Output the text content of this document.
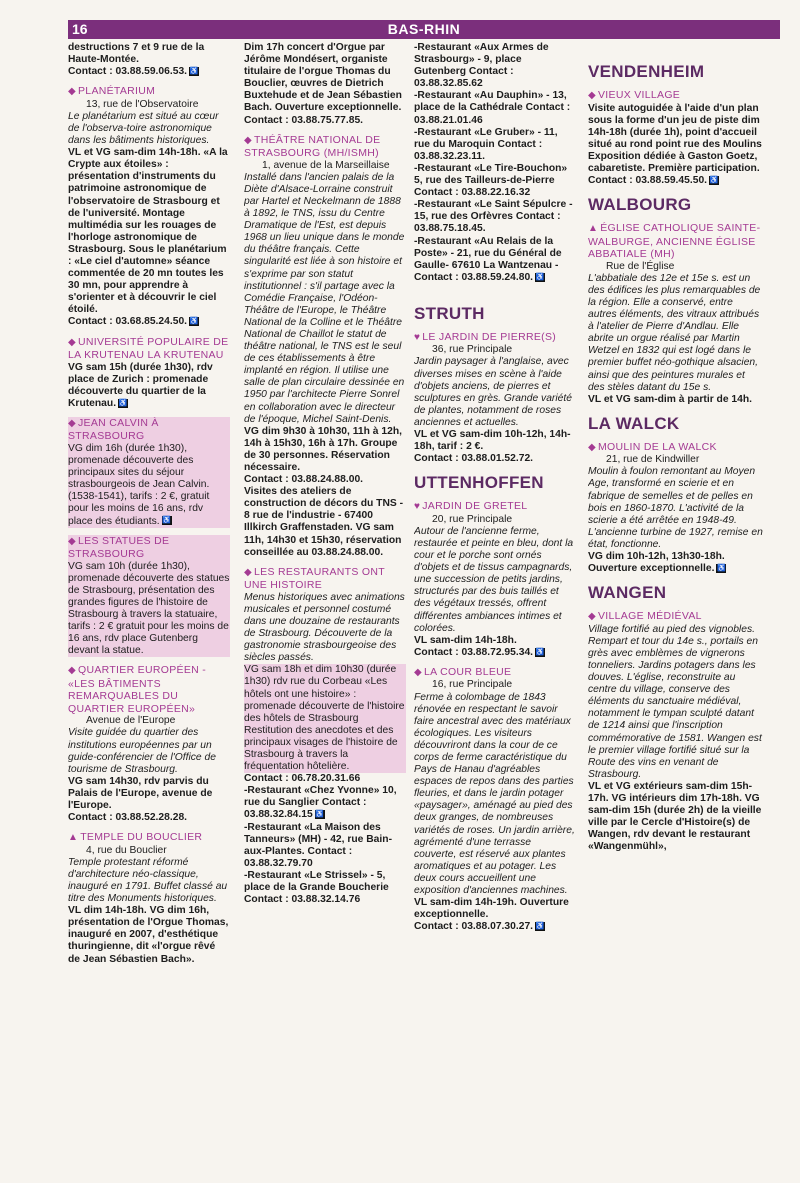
16	BAS-RHIN
destructions 7 et 9 rue de la Haute-Montée.
Contact : 03.88.59.06.53. ♿
◆ PLANÉTARIUM
13, rue de l'Observatoire
Le planétarium est situé au cœur de l'observa-toire astronomique dans les bâtiments historiques.
VL et VG sam-dim 14h-18h. «A la Crypte aux étoiles» : présentation d'instruments du patrimoine astronomique de l'observatoire de Strasbourg et de l'université. Montage multimédia sur les rouages de l'horloge astronomique de Strasbourg. Sous le planétarium : «Le ciel d'automne» séance commentée de 20 mn toutes les 30 mn, pour apprendre à s'orienter et à découvrir le ciel étoilé.
Contact : 03.68.85.24.50. ♿
◆ UNIVERSITÉ POPULAIRE DE LA KRUTENAU LA KRUTENAU
VG sam 15h (durée 1h30), rdv place de Zurich : promenade découverte du quartier de la Krutenau. ♿
◆ JEAN CALVIN À STRASBOURG
VG dim 16h (durée 1h30), promenade découverte des principaux sites du séjour strasbourgeois de Jean Calvin. (1538-1541), tarifs : 2 €, gratuit pour les moins de 16 ans, rdv place des étudiants. ♿
◆ LES STATUES DE STRASBOURG
VG sam 10h (durée 1h30), promenade découverte des statues de Strasbourg, présentation des grandes figures de l'histoire de Strasbourg à travers la statuaire, tarifs : 2 € gratuit pour les moins de 16 ans, rdv place Gutenberg devant la statue.
◆ QUARTIER EUROPÉEN - «LES BÂTIMENTS REMARQUABLES DU QUARTIER EUROPÉEN»
Avenue de l'Europe
Visite guidée du quartier des institutions européennes par un guide-conférencier de l'Office de tourisme de Strasbourg.
VG sam 14h30, rdv parvis du Palais de l'Europe, avenue de l'Europe.
Contact : 03.88.52.28.28.
▲ TEMPLE DU BOUCLIER
4, rue du Bouclier
Temple protestant réformé d'architecture néo-classique, inauguré en 1791. Buffet classé au titre des Monuments historiques.
VL dim 14h-18h. VG dim 16h, présentation de l'Orgue Thomas, inauguré en 2007, d'esthétique thuringienne, dit «l'orgue rêvé de Jean Sébastien Bach».
Dim 17h concert d'Orgue par Jérôme Mondésert, organiste titulaire de l'orgue Thomas du Bouclier, œuvres de Dietrich Buxtehude et de Jean Sébastien Bach. Ouverture exceptionnelle.
Contact : 03.88.75.77.85.
◆ THÉÂTRE NATIONAL DE STRASBOURG (MH/ISMH)
1, avenue de la Marseillaise
Installé dans l'ancien palais de la Diète d'Alsace-Lorraine construit par Hartel et Neckelmann de 1888 à 1892, le TNS, issu du Centre Dramatique de l'Est, est depuis 1968 un lieu unique dans le monde du théâtre français. Cette singularité est liée à son histoire et s'exprime par son statut institutionnel : s'il partage avec la Comédie Française, l'Odéon-Théâtre de l'Europe, le Théâtre National de la Colline et le Théâtre National de Chaillot le statut de théâtre national, le TNS est le seul de ces établissements à être implanté en région. Il utilise une salle de plan circulaire dessinée en 1950 par l'architecte Pierre Sonrel en collaboration avec le directeur de l'époque, Michel Saint-Denis.
VG dim 9h30 à 10h30, 11h à 12h, 14h à 15h30, 16h à 17h. Groupe de 30 personnes. Réservation nécessaire.
Contact : 03.88.24.88.00.
Visites des ateliers de construction de décors du TNS - 8 rue de l'industrie - 67400 Illkirch Graffenstaden. VG sam 11h, 14h30 et 15h30, réservation conseillée au 03.88.24.88.00.
◆ LES RESTAURANTS ONT UNE HISTOIRE
Menus historiques avec animations musicales et personnel costumé dans une douzaine de restaurants de Strasbourg. Découverte de la gastronomie strasbourgeoise des siècles passés.
VG sam 18h et dim 10h30 (durée 1h30) rdv rue du Corbeau «Les hôtels ont une histoire» : promenade découverte de l'histoire des hôtels de Strasbourg Restitution des anecdotes et des principaux visages de l'histoire de Strasbourg à travers la fréquentation hôtelière.
Contact : 06.78.20.31.66
-Restaurant «Chez Yvonne» 10, rue du Sanglier Contact : 03.88.32.84.15 ♿
-Restaurant «La Maison des Tanneurs» (MH) - 42, rue Bain-aux-Plantes. Contact : 03.88.32.79.70
-Restaurant «Le Strissel» - 5, place de la Grande Boucherie Contact : 03.88.32.14.76
-Restaurant «Aux Armes de Strasbourg» - 9, place Gutenberg Contact : 03.88.32.85.62
-Restaurant «Au Dauphin» - 13, place de la Cathédrale Contact : 03.88.21.01.46
-Restaurant «Le Gruber» - 11, rue du Maroquin Contact : 03.88.32.23.11.
-Restaurant «Le Tire-Bouchon» 5, rue des Tailleurs-de-Pierre Contact : 03.88.22.16.32
-Restaurant «Le Saint Sépulcre - 15, rue des Orfèvres Contact : 03.88.75.18.45.
-Restaurant «Au Relais de la Poste» - 21, rue du Général de Gaulle- 67610 La Wantzenau - Contact : 03.88.59.24.80. ♿
STRUTH
♥ LE JARDIN DE PIERRE(S)
36, rue Principale
Jardin paysager à l'anglaise, avec diverses mises en scène à l'aide d'objets anciens, de pierres et sculptures en grès. Grande variété de plantes, notamment de roses anciennes et actuelles.
VL et VG sam-dim 10h-12h, 14h-18h, tarif : 2 €.
Contact : 03.88.01.52.72.
UTTENHOFFEN
♥ JARDIN DE GRETEL
20, rue Principale
Autour de l'ancienne ferme, restaurée et peinte en bleu, dont la cour et le porche sont ornés d'objets et de tissus campagnards, une succession de petits jardins, structurés par des buis taillés et des végétaux tressés, offrent différentes ambiances intimes et colorées.
VL sam-dim 14h-18h.
Contact : 03.88.72.95.34. ♿
◆ LA COUR BLEUE
16, rue Principale
Ferme à colombage de 1843 rénovée en respectant le savoir faire ancestral avec des matériaux écologiques. Les visiteurs découvriront dans la cour de ce corps de ferme caractéristique du Pays de Hanau d'agréables espaces de repos dans des parties fleuries, et dans le jardin potager «paysager», aménagé au pied des deux granges, de nombreuses variétés de roses. Un jardin arrière, agrémenté d'une terrasse couverte, est réservé aux plantes aromatiques et au potager. Les deux cours accueillent une exposition d'anciennes machines.
VL sam-dim 14h-19h. Ouverture exceptionnelle.
Contact : 03.88.07.30.27. ♿
VENDENHEIM
◆ VIEUX VILLAGE
Visite autoguidée à l'aide d'un plan sous la forme d'un jeu de piste dim 14h-18h (durée 1h), point d'accueil situé au rond point rue des Moulins Exposition dédiée à Gaston Goetz, cabaretiste. Première participation.
Contact : 03.88.59.45.50. ♿
WALBOURG
▲ ÉGLISE CATHOLIQUE SAINTE-WALBURGE, ANCIENNE ÉGLISE ABBATIALE (MH)
Rue de l'Église
L'abbatiale des 12e et 15e s. est un des édifices les plus remarquables de la région. Elle a conservé, entre autres éléments, des vitraux attribués à l'atelier de Pierre d'Andlau. Elle abrite un orgue réalisé par Martin Wetzel en 1832 qui est logé dans le premier buffet néo-gothique alsacien, ainsi que des peintures murales et des stèles datant du 15e s.
VL et VG sam-dim à partir de 14h.
LA WALCK
◆ MOULIN DE LA WALCK
21, rue de Kindwiller
Moulin à foulon remontant au Moyen Age, transformé en scierie et en fabrique de semelles et de pelles en bois en 1860-1870. L'activité de la scierie a été arrêtée en 1948-49. L'ancienne turbine de 1927, remise en état, fonctionne.
VG dim 10h-12h, 13h30-18h. Ouverture exceptionnelle. ♿
WANGEN
◆ VILLAGE MÉDIÉVAL
Village fortifié au pied des vignobles. Rempart et tour du 14e s., portails en grès avec emblèmes de vignerons tonneliers. Jardins potagers dans les douves. L'église, reconstruite au centre du village, conserve des éléments du sanctuaire médiéval, notamment le tympan sculpté datant de 1214 ainsi que l'inscription commémorative de 1581. Wangen est le premier village fortifié situé sur la Route des vins en venant de Strasbourg.
VL et VG extérieurs sam-dim 15h-17h. VG intérieurs dim 17h-18h. VG sam-dim 15h (durée 2h) de la vieille ville par le Cercle d'Histoire(s) de Wangen, rdv devant le restaurant «Wangenmühl»,
